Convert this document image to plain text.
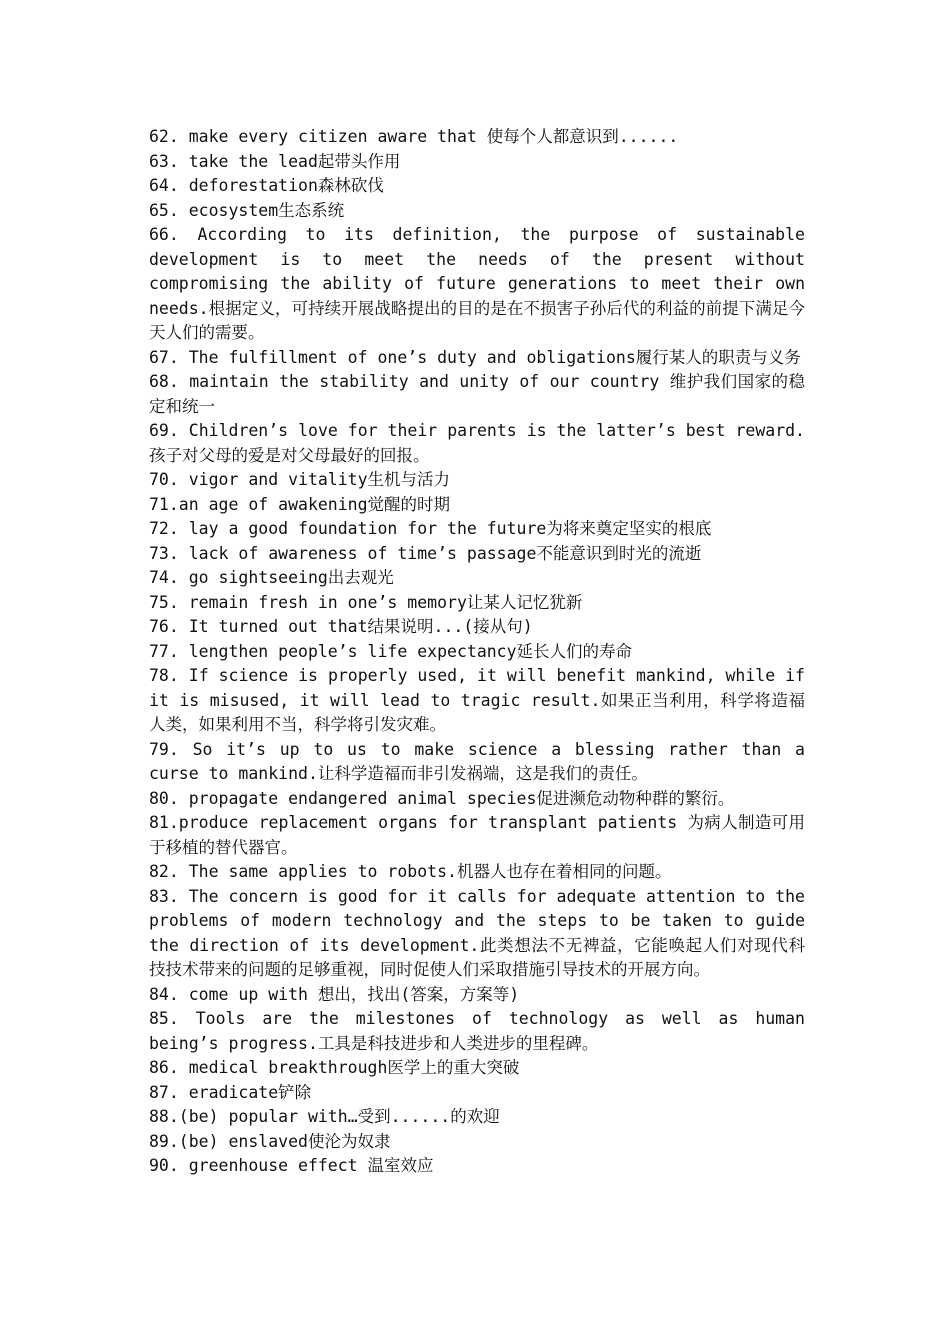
62. make every citizen aware that 使每个人都意识到......

63. take the lead起带头作用

64. deforestation森林砍伐

65. ecosystem生态系统

66. According to its definition, the purpose of sustainable development is to meet the needs of the present without compromising the ability of future generations to meet their own needs.根据定义，可持续开展战略提出的目的是在不损害子孙后代的利益的前提下满足今天人们的需要。

67. The fulfillment of one’s duty and obligations履行某人的职责与义务

68. maintain the stability and unity of our country 维护我们国家的稳定和统一

69. Children’s love for their parents is the latter’s best reward.孩子对父母的爱是对父母最好的回报。

70. vigor and vitality生机与活力

71.an age of awakening觉醒的时期

72. lay a good foundation for the future为将来奠定坚实的根底

73. lack of awareness of time’s passage不能意识到时光的流逝

74. go sightseeing出去观光

75. remain fresh in one’s memory让某人记忆犹新

76. It turned out that结果说明...(接从句)

77. lengthen people’s life expectancy延长人们的寿命

78. If science is properly used, it will benefit mankind, while if it is misused, it will lead to tragic result.如果正当利用，科学将造福人类，如果利用不当，科学将引发灾难。

79. So it’s up to us to make science a blessing rather than a curse to mankind.让科学造福而非引发祸端，这是我们的责任。

80. propagate endangered animal species促进濒危动物种群的繁衍。

81.produce replacement organs for transplant patients 为病人制造可用于移植的替代器官。

82. The same applies to robots.机器人也存在着相同的问题。

83. The concern is good for it calls for adequate attention to the problems of modern technology and the steps to be taken to guide the direction of its development.此类想法不无裨益，它能唤起人们对现代科技技术带来的问题的足够重视，同时促使人们采取措施引导技术的开展方向。

84. come up with 想出，找出(答案，方案等)

85. Tools are the milestones of technology as well as human being’s progress.工具是科技进步和人类进步的里程碑。

86. medical breakthrough医学上的重大突破

87. eradicate铲除

88.(be) popular with…受到......的欢迎

89.(be) enslaved使沦为奴隶

90. greenhouse effect 温室效应
